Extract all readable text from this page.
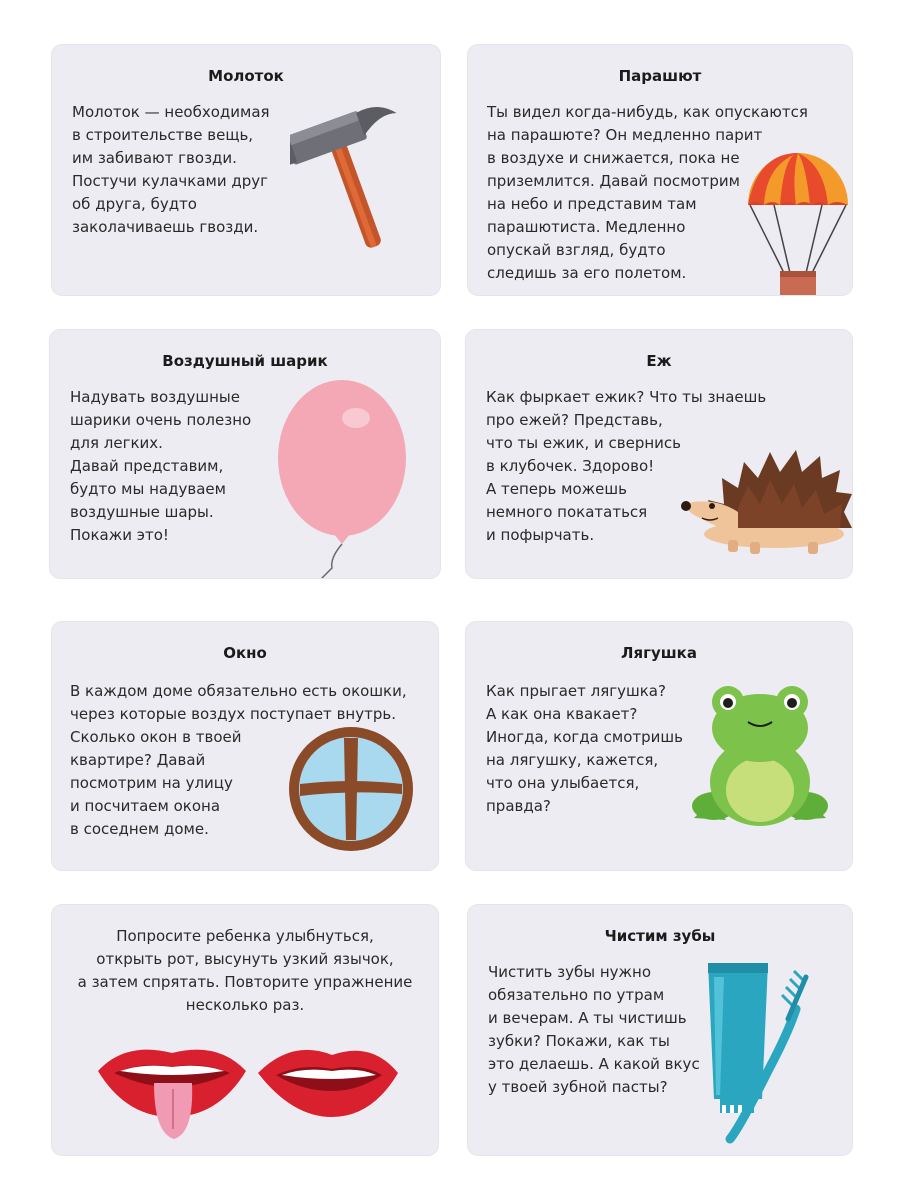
Молоток
Молоток — необходимая
в строительстве вещь,
им забивают гвозди.
Постучи кулачками друг
об друга, будто
заколачиваешь гвозди.
Парашют
Ты видел когда-нибудь, как опускаются
на парашюте? Он медленно парит
в воздухе и снижается, пока не
приземлится. Давай посмотрим
на небо и представим там
парашютиста. Медленно
опускай взгляд, будто
следишь за его полетом.
Воздушный шарик
Надувать воздушные
шарики очень полезно
для легких.
Давай представим,
будто мы надуваем
воздушные шары.
Покажи это!
Еж
Как фыркает ежик? Что ты знаешь
про ежей? Представь,
что ты ежик, и свернись
в клубочек. Здорово!
А теперь можешь
немного покататься
и пофырчать.
Окно
В каждом доме обязательно есть окошки,
через которые воздух поступает внутрь.
Сколько окон в твоей
квартире? Давай
посмотрим на улицу
и посчитаем окона
в соседнем доме.
Лягушка
Как прыгает лягушка?
А как она квакает?
Иногда, когда смотришь
на лягушку, кажется,
что она улыбается,
правда?
Попросите ребенка улыбнуться,
открыть рот, высунуть узкий язычок,
а затем спрятать. Повторите упражнение
несколько раз.
Чистим зубы
Чистить зубы нужно
обязательно по утрам
и вечерам. А ты чистишь
зубки? Покажи, как ты
это делаешь. А какой вкус
у твоей зубной пасты?
